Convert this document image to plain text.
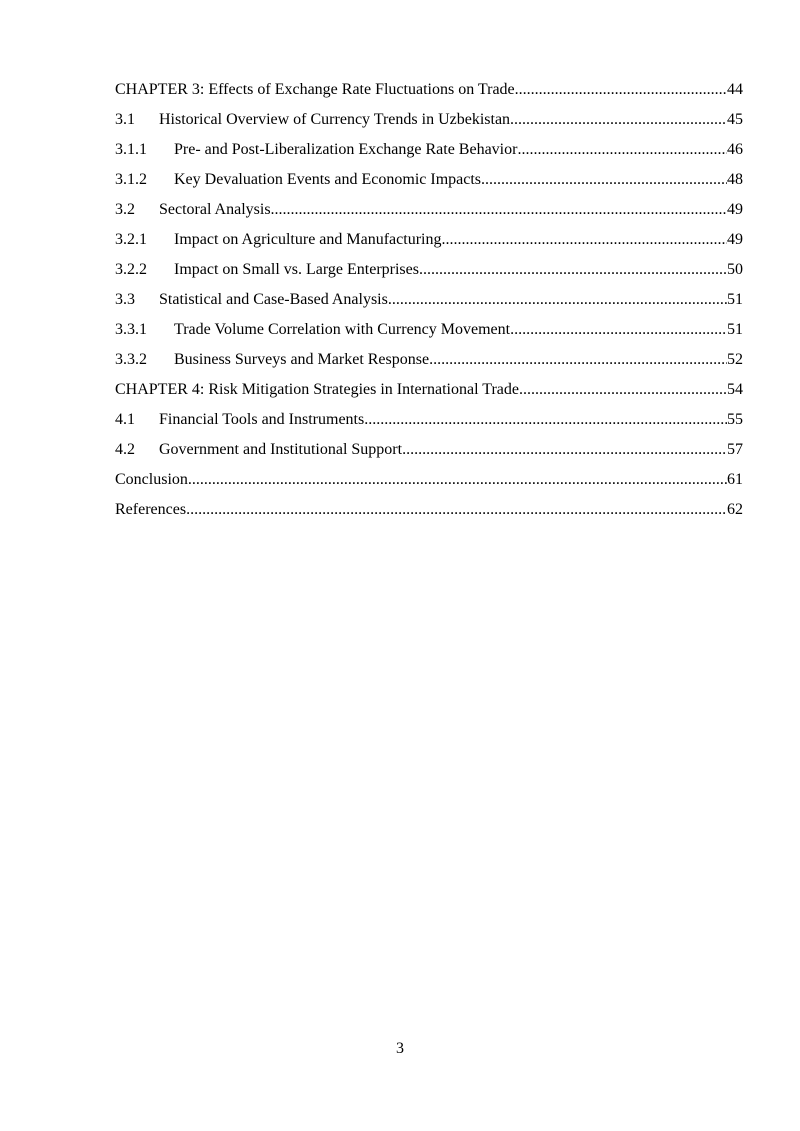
CHAPTER 3: Effects of Exchange Rate Fluctuations on Trade .....	44
3.1	Historical Overview of Currency Trends in Uzbekistan .....	45
3.1.1	Pre- and Post-Liberalization Exchange Rate Behavior .....	46
3.1.2	Key Devaluation Events and Economic Impacts .....	48
3.2	Sectoral Analysis .....	49
3.2.1	Impact on Agriculture and Manufacturing .....	49
3.2.2	Impact on Small vs. Large Enterprises .....	50
3.3	Statistical and Case-Based Analysis .....	51
3.3.1	Trade Volume Correlation with Currency Movement .....	51
3.3.2	Business Surveys and Market Response .....	52
CHAPTER 4: Risk Mitigation Strategies in International Trade .....	54
4.1	Financial Tools and Instruments .....	55
4.2	Government and Institutional Support .....	57
Conclusion .....	61
References .....	62
3
